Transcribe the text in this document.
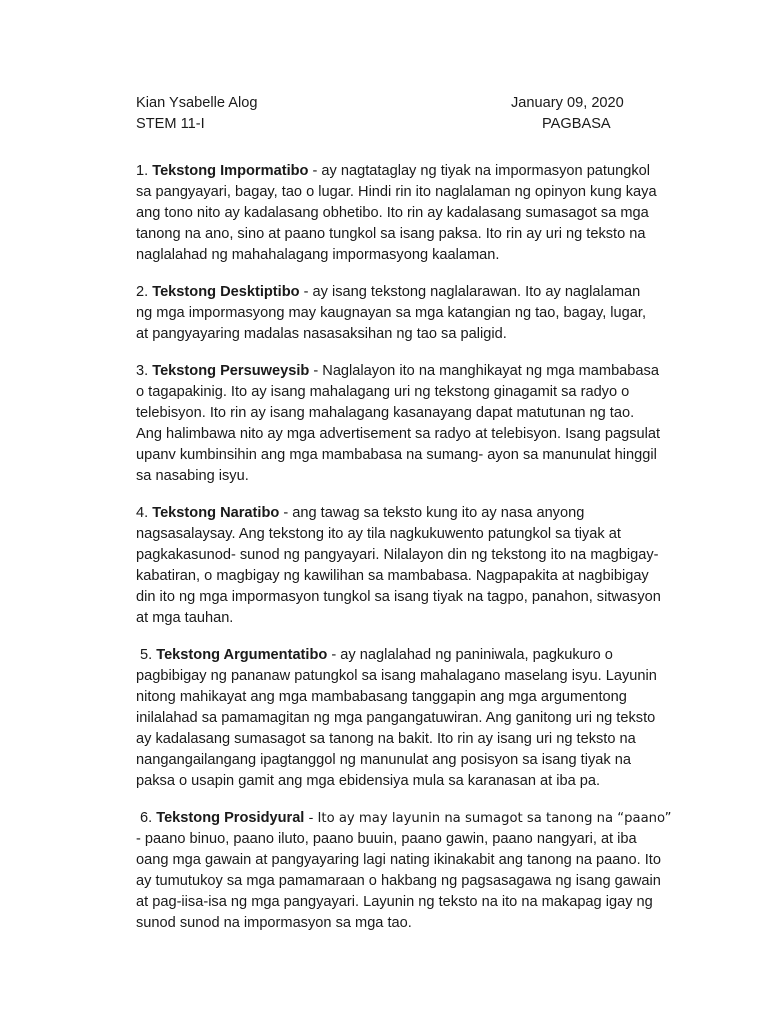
Kian Ysabelle Alog
STEM 11-I
January 09, 2020
PAGBASA
1. Tekstong Impormatibo - ay nagtataglay ng tiyak na impormasyon patungkol
sa pangyayari, bagay, tao o lugar. Hindi rin ito naglalaman ng opinyon kung kaya
ang tono nito ay kadalasang obhetibo. Ito rin ay kadalasang sumasagot sa mga
tanong na ano, sino at paano tungkol sa isang paksa. Ito rin ay uri ng teksto na
naglalahad ng mahahalagang impormasyong kaalaman.
2. Tekstong Desktiptibo - ay isang tekstong naglalarawan. Ito ay naglalaman
ng mga impormasyong may kaugnayan sa mga katangian ng tao, bagay, lugar,
at pangyayaring madalas nasasaksihan ng tao sa paligid.
3. Tekstong Persuweysib - Naglalayon ito na manghikayat ng mga mambabasa
o tagapakinig. Ito ay isang mahalagang uri ng tekstong ginagamit sa radyo o
telebisyon. Ito rin ay isang mahalagang kasanayang dapat matutunan ng tao.
Ang halimbawa nito ay mga advertisement sa radyo at telebisyon. Isang pagsulat
upanv kumbinsihin ang mga mambabasa na sumang- ayon sa manunulat hinggil
sa nasabing isyu.
4. Tekstong Naratibo - ang tawag sa teksto kung ito ay nasa anyong
nagsasalaysay. Ang tekstong ito ay tila nagkukuwento patungkol sa tiyak at
pagkakasunod- sunod ng pangyayari. Nilalayon din ng tekstong ito na magbigay-
kabatiran, o magbigay ng kawilihan sa mambabasa. Nagpapakita at nagbibigay
din ito ng mga impormasyon tungkol sa isang tiyak na tagpo, panahon, sitwasyon
at mga tauhan.
5. Tekstong Argumentatibo - ay naglalahad ng paniniwala, pagkukuro o
pagbibigay ng pananaw patungkol sa isang mahalagano maselang isyu. Layunin
nitong mahikayat ang mga mambabasang tanggapin ang mga argumentong
inilalahad sa pamamagitan ng mga pangangatuwiran. Ang ganitong uri ng teksto
ay kadalasang sumasagot sa tanong na bakit. Ito rin ay isang uri ng teksto na
nangangailangang ipagtanggol ng manunulat ang posisyon sa isang tiyak na
paksa o usapin gamit ang mga ebidensiya mula sa karanasan at iba pa.
6. Tekstong Prosidyural - Ito ay may layunin na sumagot sa tanong na “paano”
- paano binuo, paano iluto, paano buuin, paano gawin, paano nangyari, at iba
oang mga gawain at pangyayaring lagi nating ikinakabit ang tanong na paano. Ito
ay tumutukoy sa mga pamamaraan o hakbang ng pagsasagawa ng isang gawain
at pag-iisa-isa ng mga pangyayari. Layunin ng teksto na ito na makapag igay ng
sunod sunod na impormasyon sa mga tao.
